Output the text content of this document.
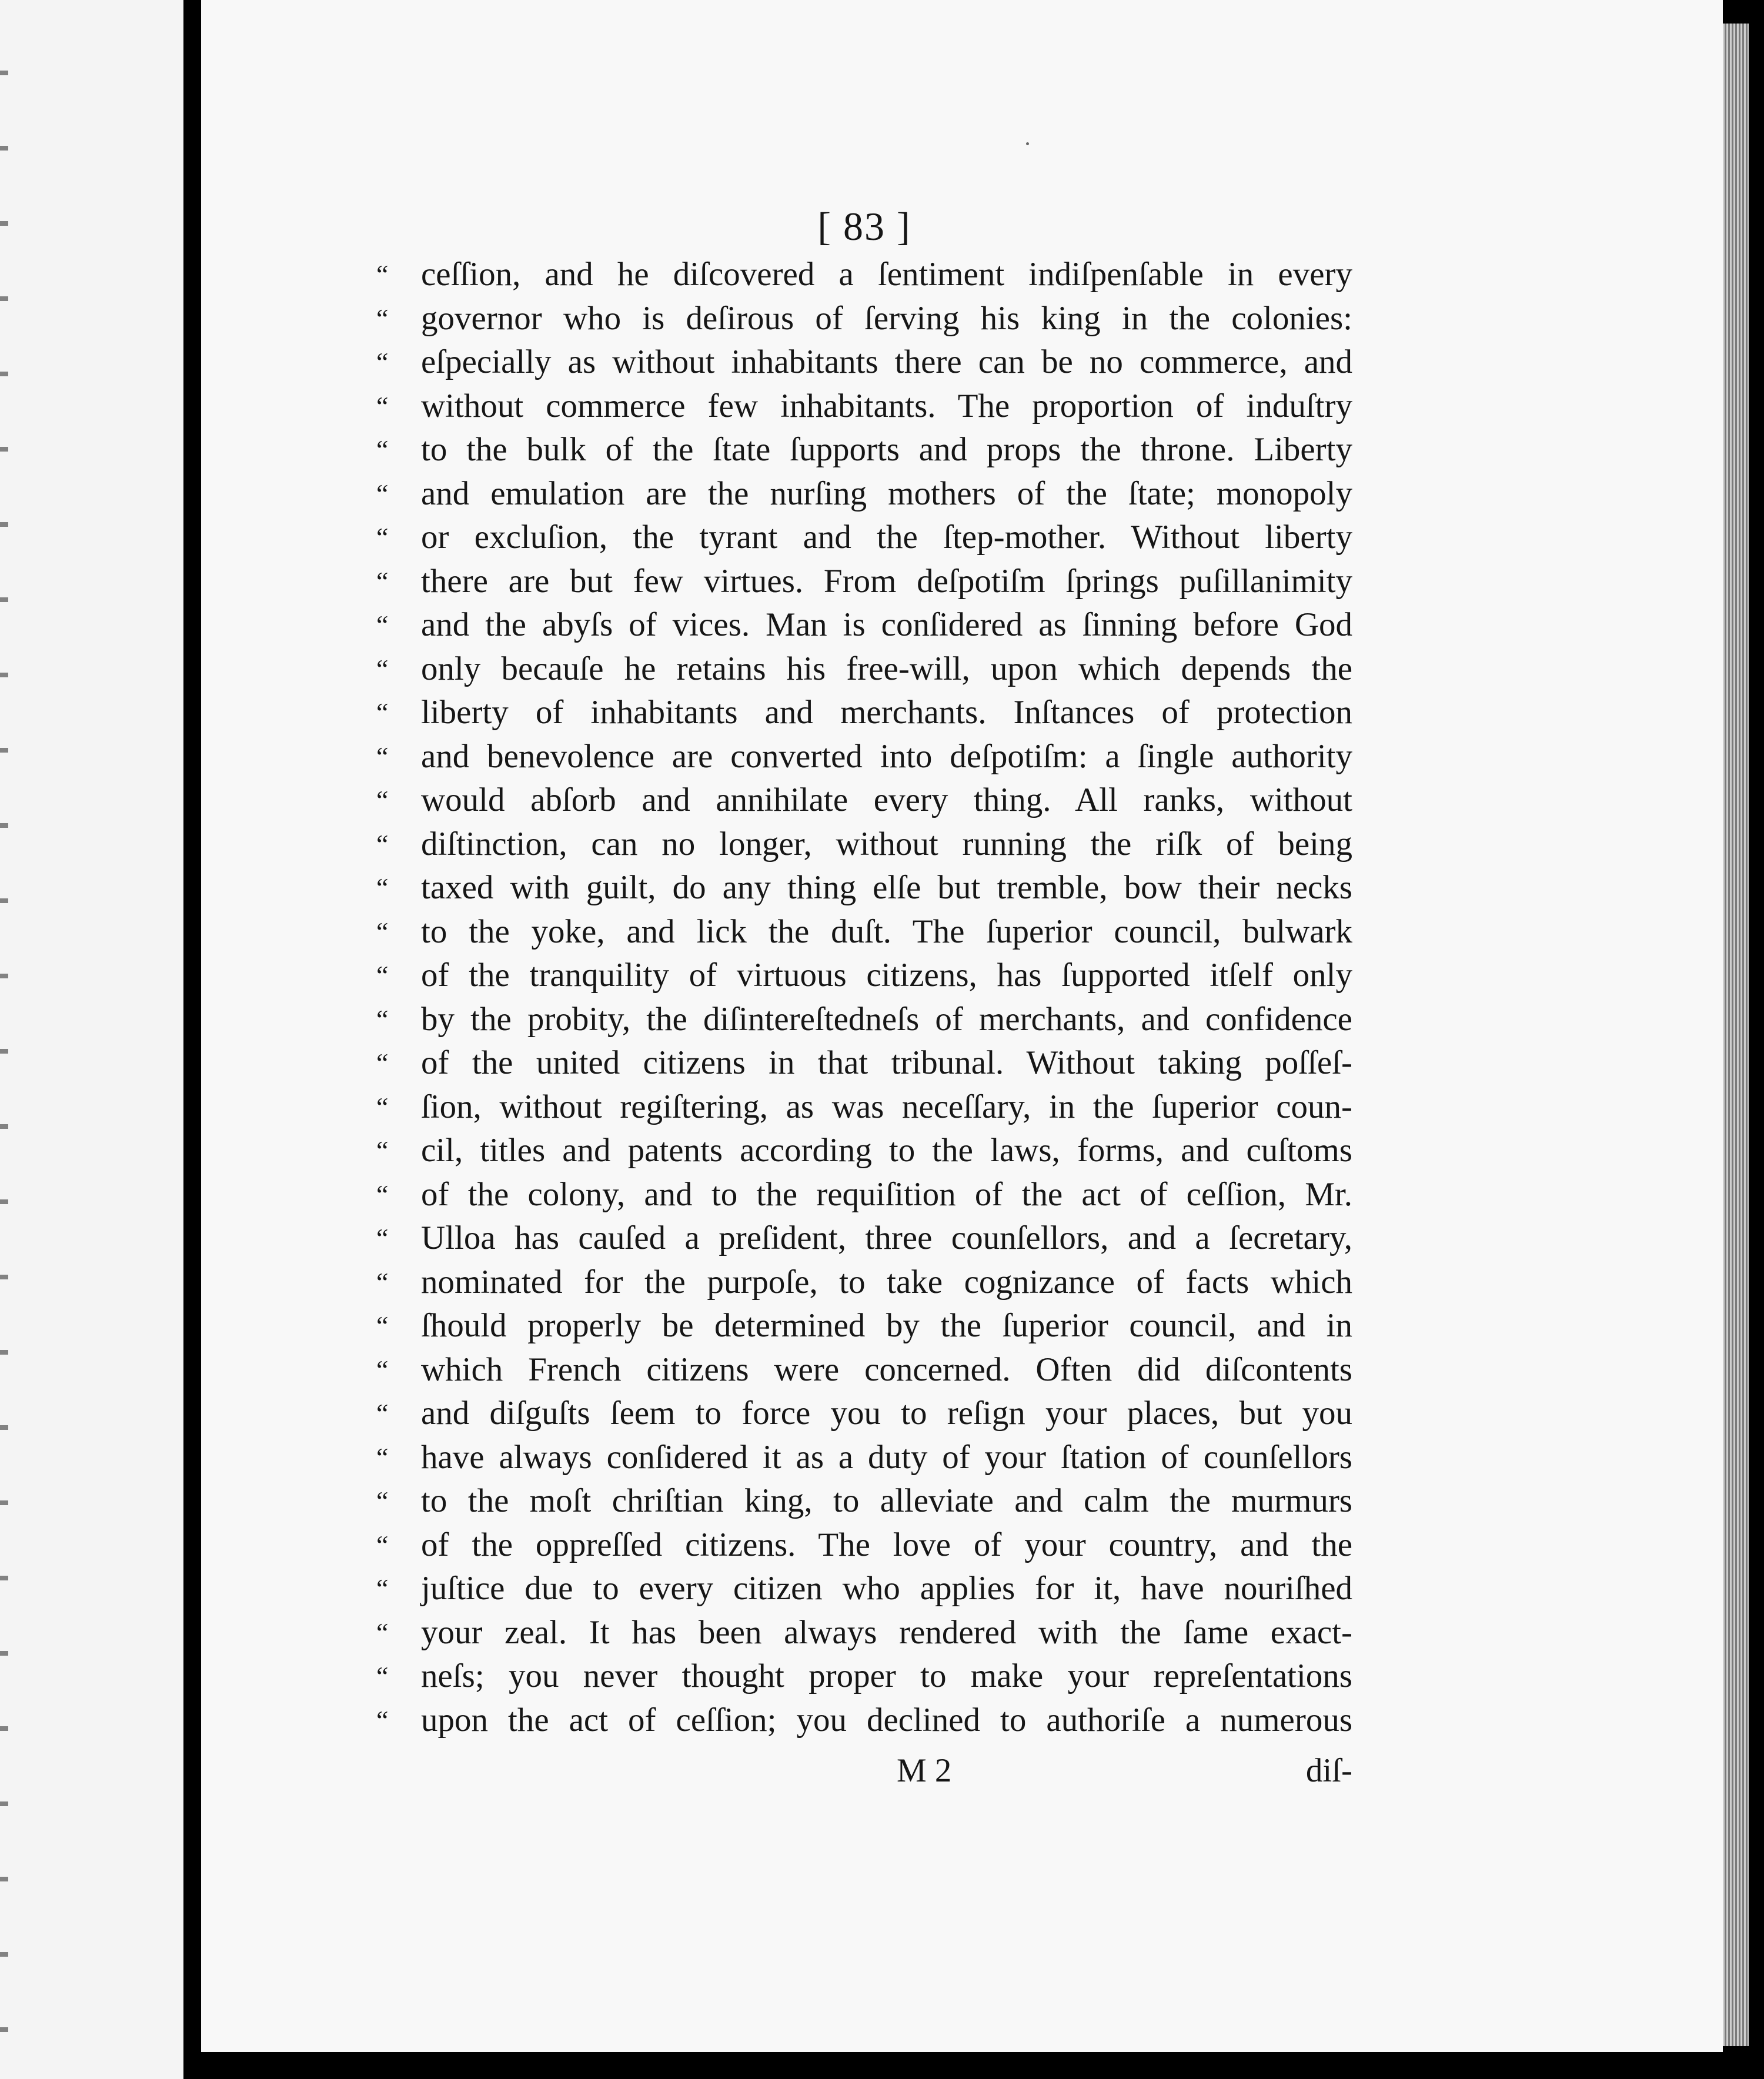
[ 83 ]
“ ceſſion, and he diſcovered a ſentiment indiſpenſable in every
“ governor who is deſirous of ſerving his king in the colonies:
“ eſpecially as without inhabitants there can be no commerce, and
“ without commerce few inhabitants. The proportion of induſtry
“ to the bulk of the ſtate ſupports and props the throne. Liberty
“ and emulation are the nurſing mothers of the ſtate; monopoly
“ or excluſion, the tyrant and the ſtep-mother. Without liberty
“ there are but few virtues. From deſpotiſm ſprings puſillanimity
“ and the abyſs of vices. Man is conſidered as ſinning before God
“ only becauſe he retains his free-will, upon which depends the
“ liberty of inhabitants and merchants. Inſtances of protection
“ and benevolence are converted into deſpotiſm: a ſingle authority
“ would abſorb and annihilate every thing. All ranks, without
“ diſtinction, can no longer, without running the riſk of being
“ taxed with guilt, do any thing elſe but tremble, bow their necks
“ to the yoke, and lick the duſt. The ſuperior council, bulwark
“ of the tranquility of virtuous citizens, has ſupported itſelf only
“ by the probity, the diſintereſtedneſs of merchants, and confidence
“ of the united citizens in that tribunal. Without taking poſſeſ-
“ ſion, without regiſtering, as was neceſſary, in the ſuperior coun-
“ cil, titles and patents according to the laws, forms, and cuſtoms
“ of the colony, and to the requiſition of the act of ceſſion, Mr.
“ Ulloa has cauſed a preſident, three counſellors, and a ſecretary,
“ nominated for the purpoſe, to take cognizance of facts which
“ ſhould properly be determined by the ſuperior council, and in
“ which French citizens were concerned. Often did diſcontents
“ and diſguſts ſeem to force you to reſign your places, but you
“ have always conſidered it as a duty of your ſtation of counſellors
“ to the moſt chriſtian king, to alleviate and calm the murmurs
“ of the oppreſſed citizens. The love of your country, and the
“ juſtice due to every citizen who applies for it, have nouriſhed
“ your zeal. It has been always rendered with the ſame exact-
“ neſs; you never thought proper to make your repreſentations
“ upon the act of ceſſion; you declined to authoriſe a numerous
M 2	diſ-
